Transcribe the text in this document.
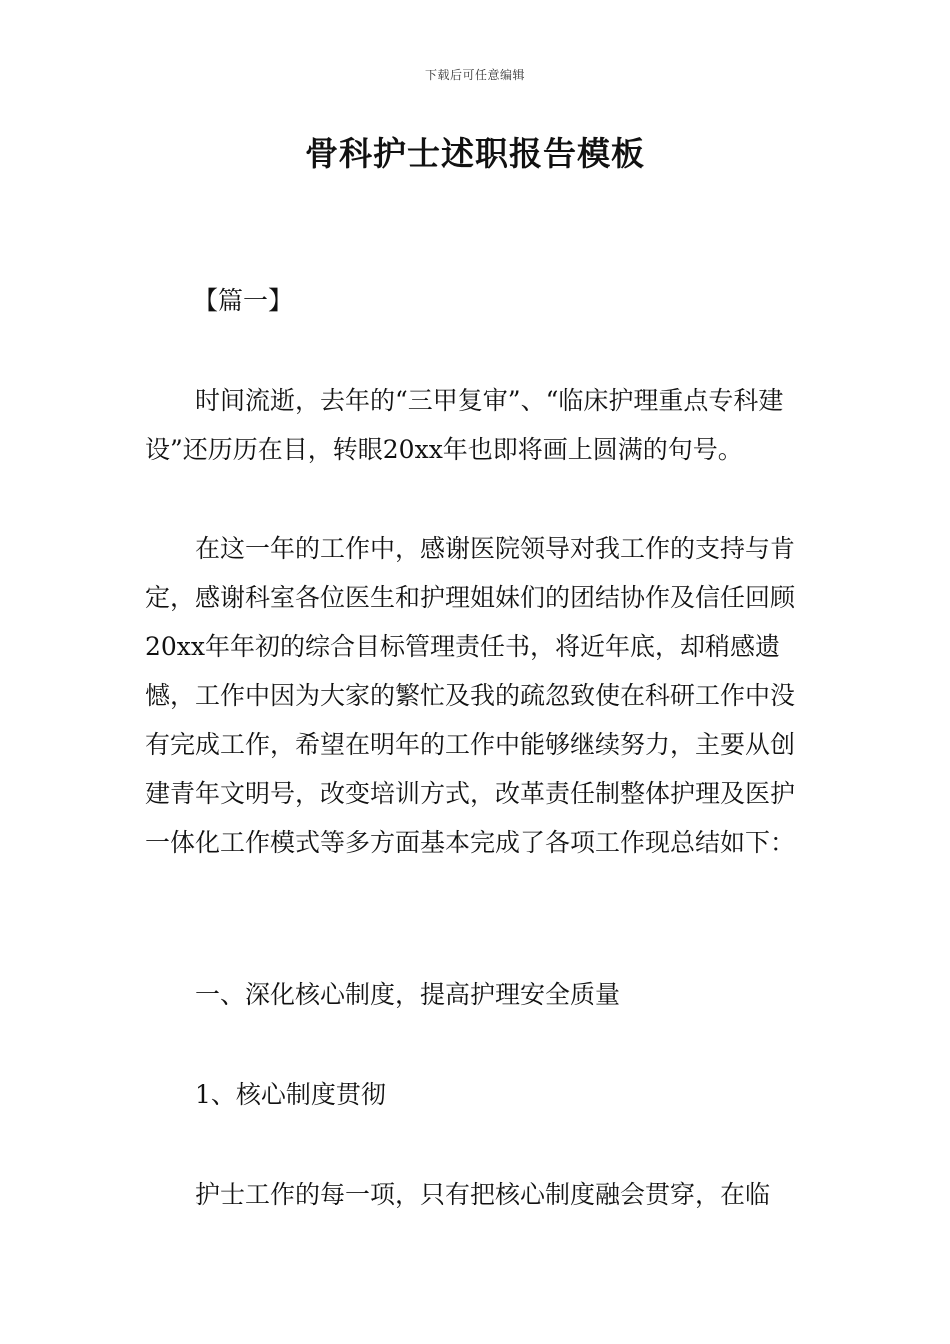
下载后可任意编辑
骨科护士述职报告模板

【篇一】

时间流逝，去年的“三甲复审”、“临床护理重点专科建设”还历历在目，转眼20xx年也即将画上圆满的句号。

在这一年的工作中，感谢医院领导对我工作的支持与肯定，感谢科室各位医生和护理姐妹们的团结协作及信任回顾20xx年年初的综合目标管理责任书，将近年底，却稍感遗憾，工作中因为大家的繁忙及我的疏忽致使在科研工作中没有完成工作，希望在明年的工作中能够继续努力，主要从创建青年文明号，改变培训方式，改革责任制整体护理及医护一体化工作模式等多方面基本完成了各项工作现总结如下：

一、深化核心制度，提高护理安全质量

1、核心制度贯彻

护士工作的每一项，只有把核心制度融会贯穿，在临
